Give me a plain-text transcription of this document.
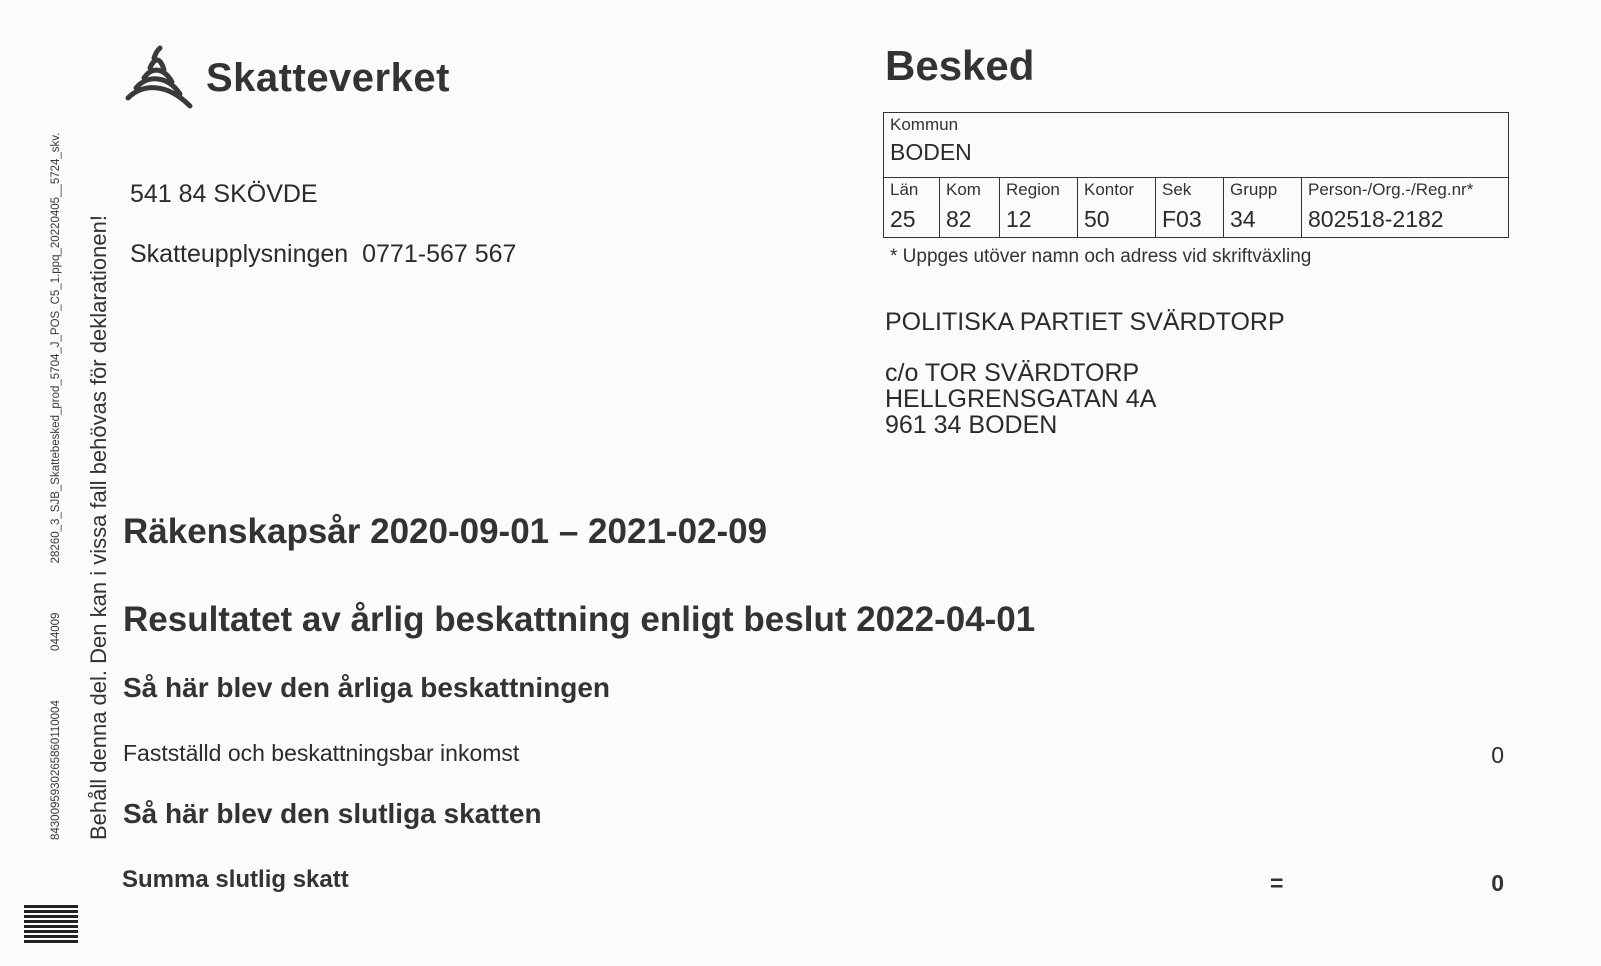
8430095930265860110004 044009 28260_3_SJB_Skattebesked_prod_5704_J_POS_C5_1.ppq_20220405__5724_skv. Behåll denna del. Den kan i vissa fall behövas för deklarationen!
Skatteverket
541 84 SKÖVDE
Skatteupplysningen 0771-567 567
Besked
Kommun
BODEN

Län
25

Kom
82

Region
12

Kontor
50

Sek
F03

Grupp
34

Person-/Org.-/Reg.nr*
802518-2182
* Uppges utöver namn och adress vid skriftväxling
POLITISKA PARTIET SVÄRDTORP
c/o TOR SVÄRDTORP
HELLGRENSGATAN 4A
961 34 BODEN
Räkenskapsår 2020-09-01 – 2021-02-09
Resultatet av årlig beskattning enligt beslut 2022-04-01
Så här blev den årliga beskattningen
Fastställd och beskattningsbar inkomst	0
Så här blev den slutliga skatten
Summa slutlig skatt	=	0
